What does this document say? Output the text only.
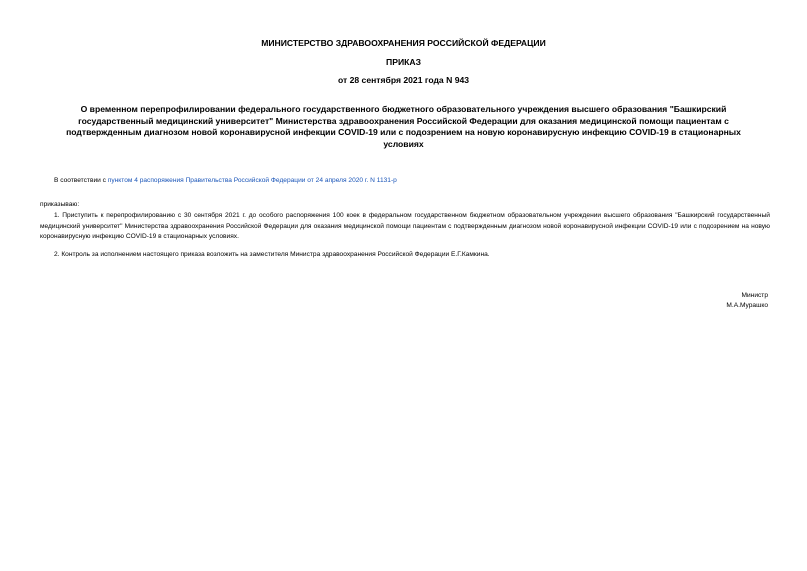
МИНИСТЕРСТВО ЗДРАВООХРАНЕНИЯ РОССИЙСКОЙ ФЕДЕРАЦИИ

ПРИКАЗ

от 28 сентября 2021 года N 943

О временном перепрофилировании федерального государственного бюджетного образовательного учреждения высшего образования "Башкирский государственный медицинский университет" Министерства здравоохранения Российской Федерации для оказания медицинской помощи пациентам с подтвержденным диагнозом новой коронавирусной инфекции COVID-19 или с подозрением на новую коронавирусную инфекцию COVID-19 в стационарных условиях

В соответствии с пунктом 4 распоряжения Правительства Российской Федерации от 24 апреля 2020 г. N 1131-р

приказываю:

1. Приступить к перепрофилированию с 30 сентября 2021 г. до особого распоряжения 100 коек в федеральном государственном бюджетном образовательном учреждении высшего образования "Башкирский государственный медицинский университет" Министерства здравоохранения Российской Федерации для оказания медицинской помощи пациентам с подтвержденным диагнозом новой коронавирусной инфекции COVID-19 или с подозрением на новую коронавирусную инфекцию COVID-19 в стационарных условиях.

2. Контроль за исполнением настоящего приказа возложить на заместителя Министра здравоохранения Российской Федерации Е.Г.Камкина.

Министр

М.А.Мурашко
